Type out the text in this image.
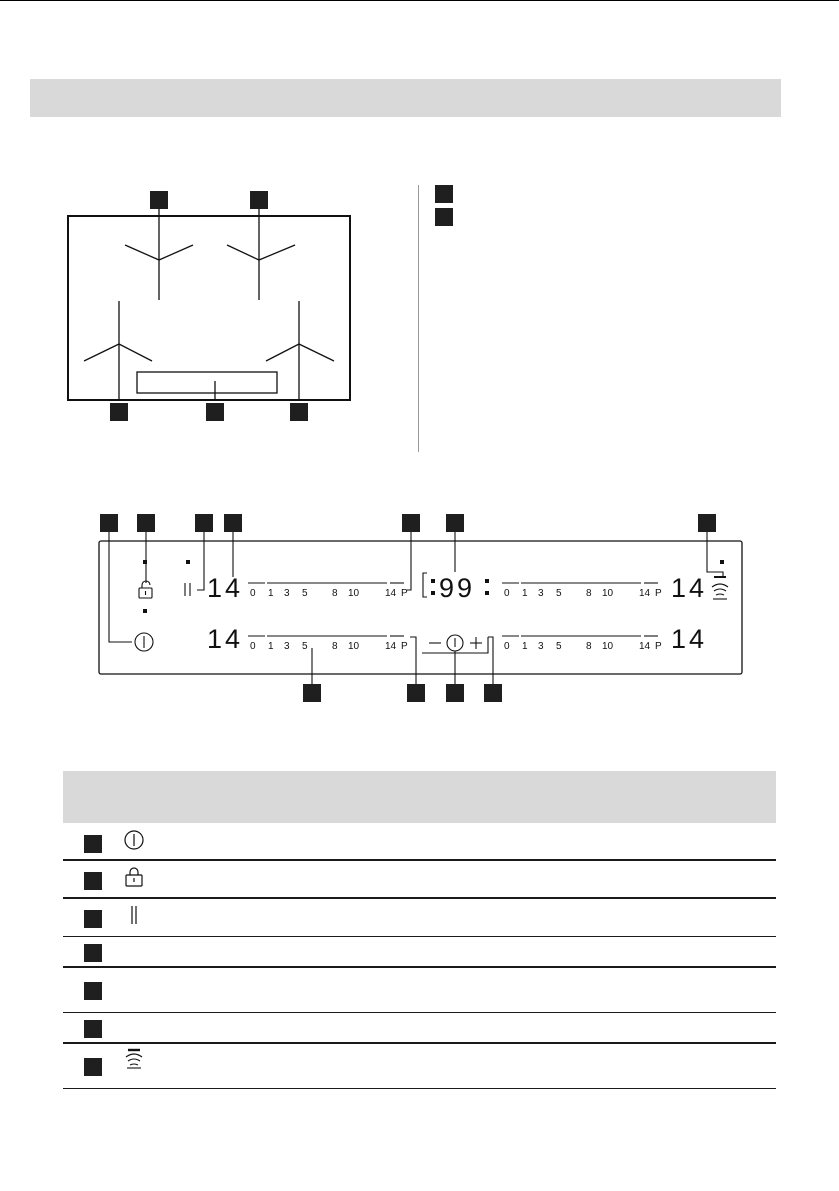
0 1 3 5 8 10	14 P
0 1 3 5 8 10	14 P
0 1 3 5 8 10	14 P
0 1 3 5 8 10	14 P
14
14
14
14
99
